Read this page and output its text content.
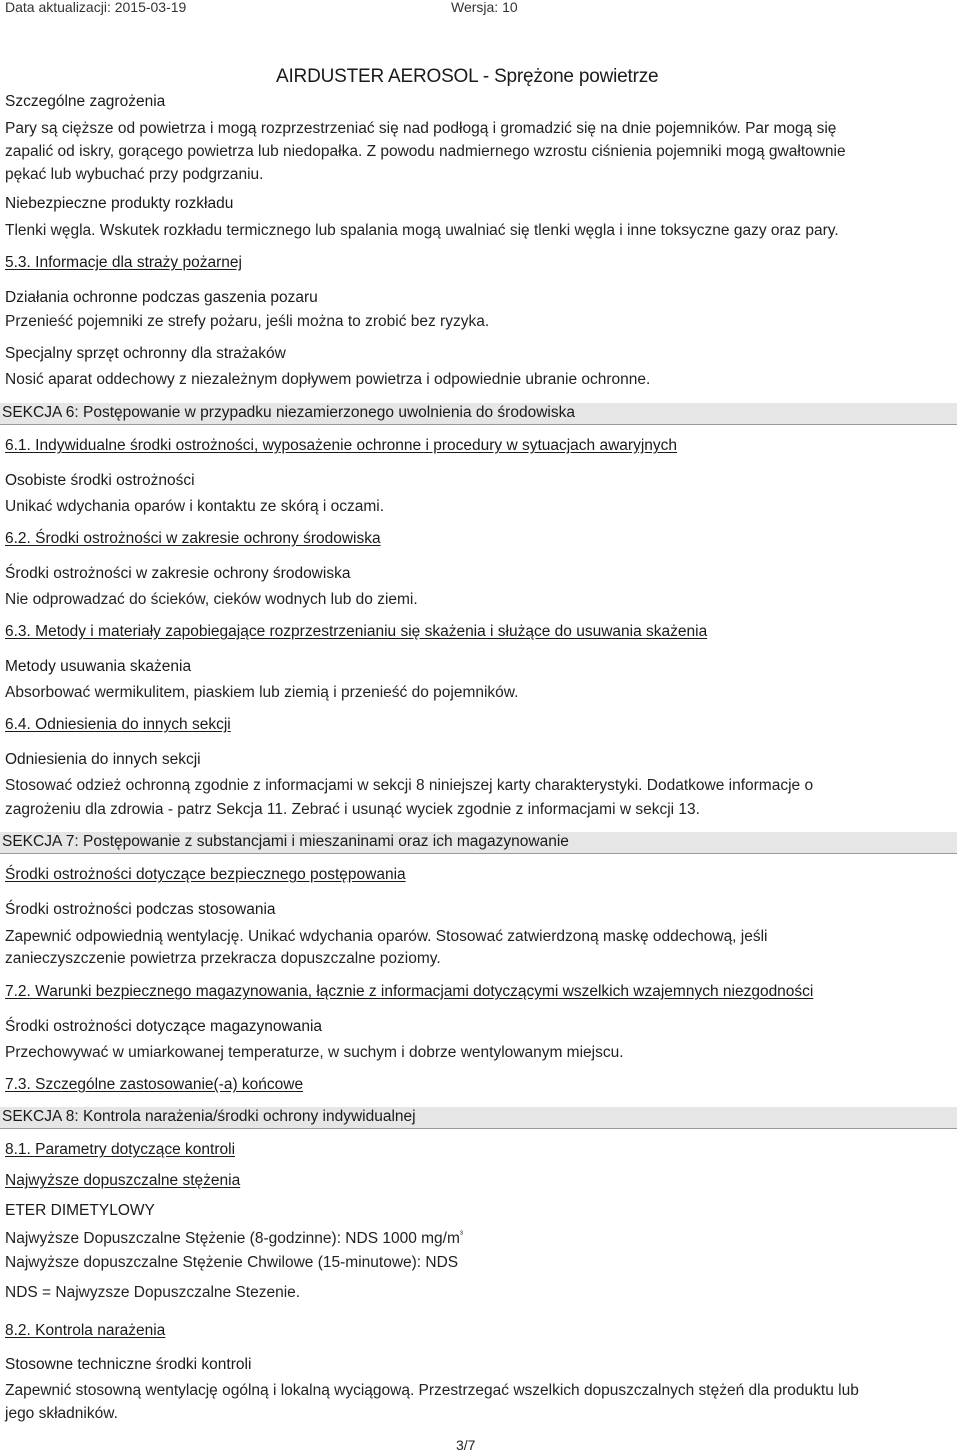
Data aktualizacji: 2015-03-19	Wersja: 10

AIRDUSTER AEROSOL - Sprężone powietrze

Szczególne zagrożenia

Pary są cięższe od powietrza i mogą rozprzestrzeniać się nad podłogą i gromadzić się na dnie pojemników. Par mogą się

zapalić od iskry, gorącego powietrza lub niedopałka. Z powodu nadmiernego wzrostu ciśnienia pojemniki mogą gwałtownie

pękać lub wybuchać przy podgrzaniu.

Niebezpieczne produkty rozkładu

Tlenki węgla. Wskutek rozkładu termicznego lub spalania mogą uwalniać się tlenki węgla i inne toksyczne gazy oraz pary.

5.3. Informacje dla straży pożarnej

Działania ochronne podczas gaszenia pozaru

Przenieść pojemniki ze strefy pożaru, jeśli można to zrobić bez ryzyka.

Specjalny sprzęt ochronny dla strażaków

Nosić aparat oddechowy z niezależnym dopływem powietrza i odpowiednie ubranie ochronne.

SEKCJA 6: Postępowanie w przypadku niezamierzonego uwolnienia do środowiska

6.1. Indywidualne środki ostrożności, wyposażenie ochronne i procedury w sytuacjach awaryjnych

Osobiste środki ostrożności

Unikać wdychania oparów i kontaktu ze skórą i oczami.

6.2. Środki ostrożności w zakresie ochrony środowiska

Środki ostrożności w zakresie ochrony środowiska

Nie odprowadzać do ścieków, cieków wodnych lub do ziemi.

6.3. Metody i materiały zapobiegające rozprzestrzenianiu się skażenia i służące do usuwania skażenia

Metody usuwania skażenia

Absorbować wermikulitem, piaskiem lub ziemią i przenieść do pojemników.

6.4. Odniesienia do innych sekcji

Odniesienia do innych sekcji

Stosować odzież ochronną zgodnie z informacjami w sekcji 8 niniejszej karty charakterystyki. Dodatkowe informacje o

zagrożeniu dla zdrowia - patrz Sekcja 11. Zebrać i usunąć wyciek zgodnie z informacjami w sekcji 13.

SEKCJA 7: Postępowanie z substancjami i mieszaninami oraz ich magazynowanie

Środki ostrożności dotyczące bezpiecznego postępowania

Środki ostrożności podczas stosowania

Zapewnić odpowiednią wentylację. Unikać wdychania oparów. Stosować zatwierdzoną maskę oddechową, jeśli

zanieczyszczenie powietrza przekracza dopuszczalne poziomy.

7.2. Warunki bezpiecznego magazynowania, łącznie z informacjami dotyczącymi wszelkich wzajemnych niezgodności

Środki ostrożności dotyczące magazynowania

Przechowywać w umiarkowanej temperaturze, w suchym i dobrze wentylowanym miejscu.

7.3. Szczególne zastosowanie(-a) końcowe

SEKCJA 8: Kontrola narażenia/środki ochrony indywidualnej

8.1. Parametry dotyczące kontroli

Najwyższe dopuszczalne stężenia

ETER DIMETYLOWY

Najwyższe Dopuszczalne Stężenie (8-godzinne): NDS 1000 $mg/m^{^3}$

Najwyższe dopuszczalne Stężenie Chwilowe (15-minutowe): NDS

NDS = Najwyzsze Dopuszczalne Stezenie.

8.2. Kontrola narażenia

Stosowne techniczne środki kontroli

Zapewnić stosowną wentylację ogólną i lokalną wyciągową. Przestrzegać wszelkich dopuszczalnych stężeń dla produktu lub

jego składników.

3/7
